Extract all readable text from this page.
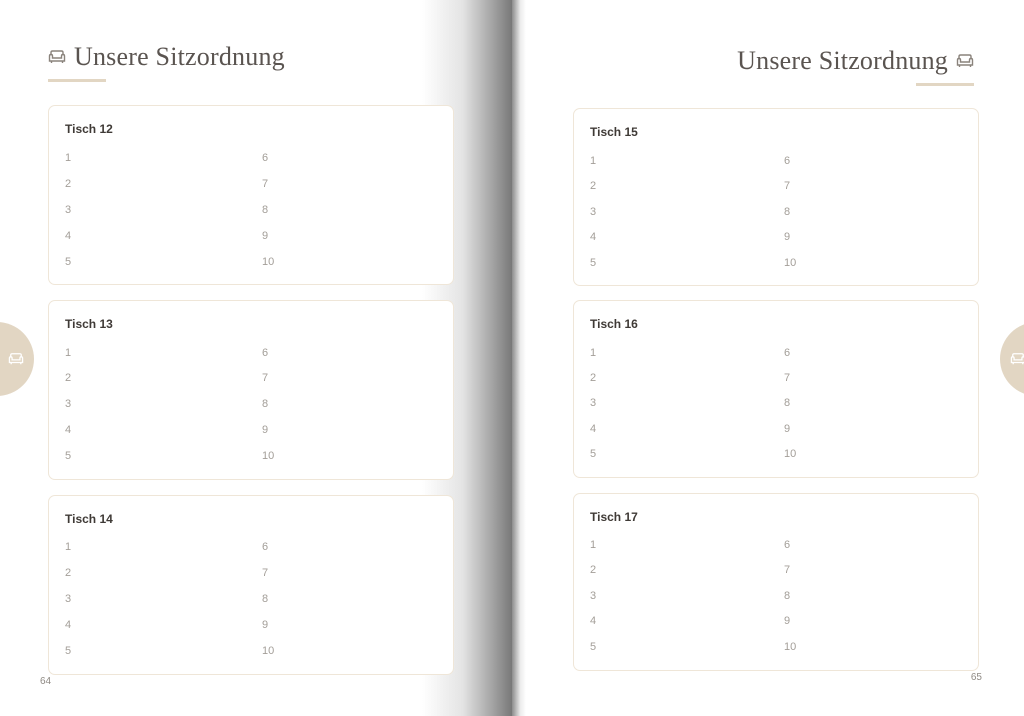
Unsere Sitzordnung
Tisch 12
1
2
3
4
5
6
7
8
9
10
Tisch 13
1
2
3
4
5
6
7
8
9
10
Tisch 14
1
2
3
4
5
6
7
8
9
10
64
Unsere Sitzordnung
Tisch 15
1
2
3
4
5
6
7
8
9
10
Tisch 16
1
2
3
4
5
6
7
8
9
10
Tisch 17
1
2
3
4
5
6
7
8
9
10
65
